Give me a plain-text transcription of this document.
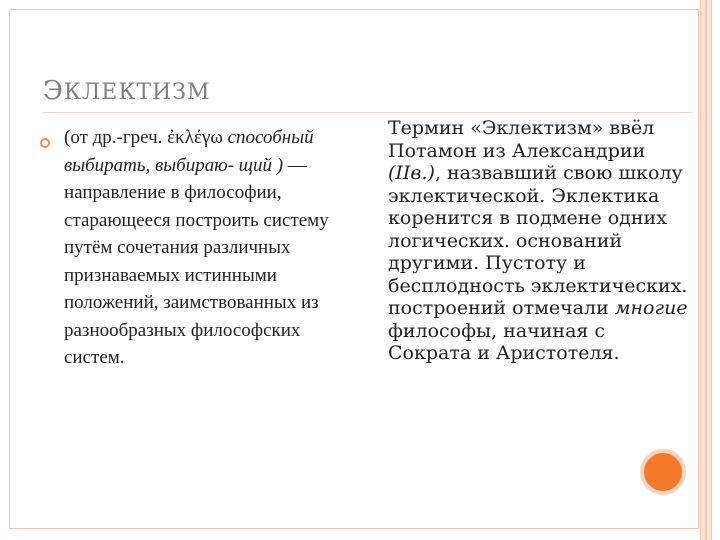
ЭКЛЕКТИЗМ
(от др.-греч. ἐκλέγω способный выбирать, выбираю- щий ) — направление в философии, старающееся построить систему путём сочетания различных признаваемых истинными положений, заимствованных из разнообразных философских систем.
Термин «Эклектизм» ввёл Потамон из Александрии (IIв.), назвавший свою школу эклектической. Эклектика коренится в подмене одних логических. оснований другими. Пустоту и бесплодность эклектических. построений отмечали многие философы, начиная с Сократа и Аристотеля.
